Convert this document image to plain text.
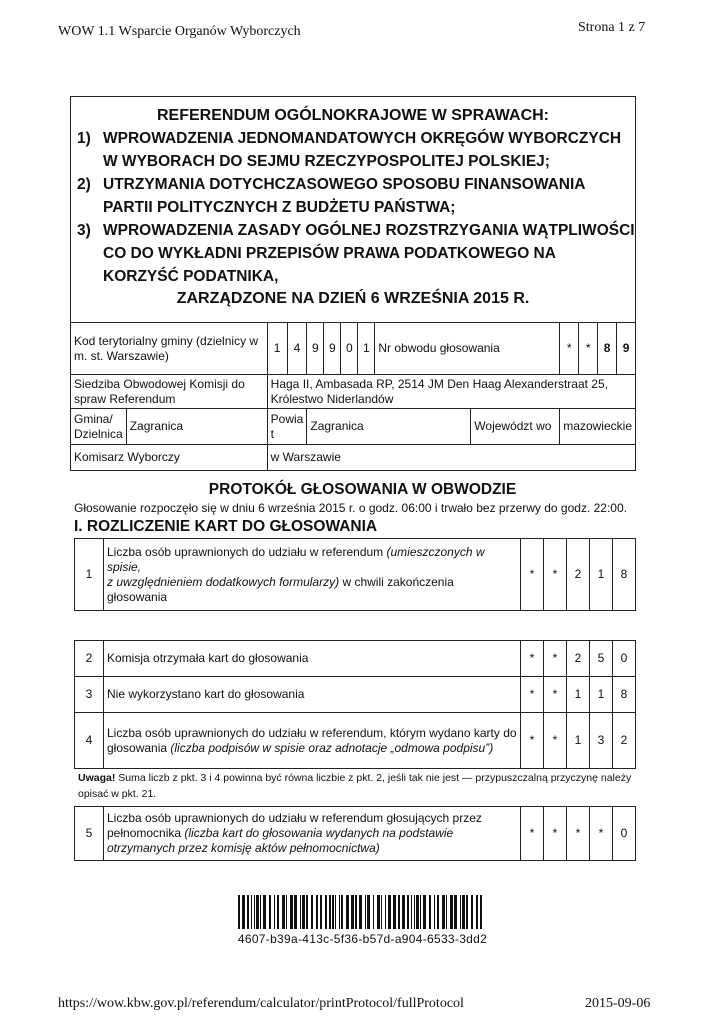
WOW 1.1 Wsparcie Organów Wyborczych	Strona 1 z 7
REFERENDUM OGÓLNOKRAJOWE W SPRAWACH:
1) WPROWADZENIA JEDNOMANDATOWYCH OKRĘGÓW WYBORCZYCH W WYBORACH DO SEJMU RZECZYPOSPOLITEJ POLSKIEJ;
2) UTRZYMANIA DOTYCHCZASOWEGO SPOSOBU FINANSOWANIA PARTII POLITYCZNYCH Z BUDŻETU PAŃSTWA;
3) WPROWADZENIA ZASADY OGÓLNEJ ROZSTRZYGANIA WĄTPLIWOŚCI CO DO WYKŁADNI PRZEPISÓW PRAWA PODATKOWEGO NA KORZYŚĆ PODATNIKA,
ZARZĄDZONE NA DZIEŃ 6 WRZEŚNIA 2015 R.
Kod terytorialny gminy (dzielnicy w m. st. Warszawie)		1	4	9	9	0	1	Nr obwodu głosowania		*	*	8	9
Siedziba Obwodowej Komisji do spraw Referendum		Haga II, Ambasada RP, 2514 JM Den Haag Alexanderstraat 25, Królestwo Niderlandów											
Gmina/ Dzielnica	Zagranica	Powia t		Zagranica					Województ wo	mazowieckie			
Komisarz Wyborczy		w Warszawie											
PROTOKÓŁ GŁOSOWANIA W OBWODZIE
Głosowanie rozpoczęło się w dniu 6 września 2015 r. o godz. 06:00 i trwało bez przerwy do godz. 22:00.
I. ROZLICZENIE KART DO GŁOSOWANIA
1	Liczba osób uprawnionych do udziału w referendum (umieszczonych w spisie,
z uwzględnieniem dodatkowych formularzy) w chwili zakończenia głosowania	*	*	2	1	8
2	Komisja otrzymała kart do głosowania	*	*	2	5	0
3	Nie wykorzystano kart do głosowania	*	*	1	1	8
4	Liczba osób uprawnionych do udziału w referendum, którym wydano karty do głosowania (liczba podpisów w spisie oraz adnotacje „odmowa podpisu”)	*	*	1	3	2
Uwaga! Suma liczb z pkt. 3 i 4 powinna być równa liczbie z pkt. 2, jeśli tak nie jest — przypuszczalną przyczynę należy opisać w pkt. 21.
5	Liczba osób uprawnionych do udziału w referendum głosujących przez pełnomocnika (liczba kart do głosowania wydanych na podstawie otrzymanych przez komisję aktów pełnomocnictwa)	*	*	*	*	0
4607-b39a-413c-5f36-b57d-a904-6533-3dd2
https://wow.kbw.gov.pl/referendum/calculator/printProtocol/fullProtocol	2015-09-06
